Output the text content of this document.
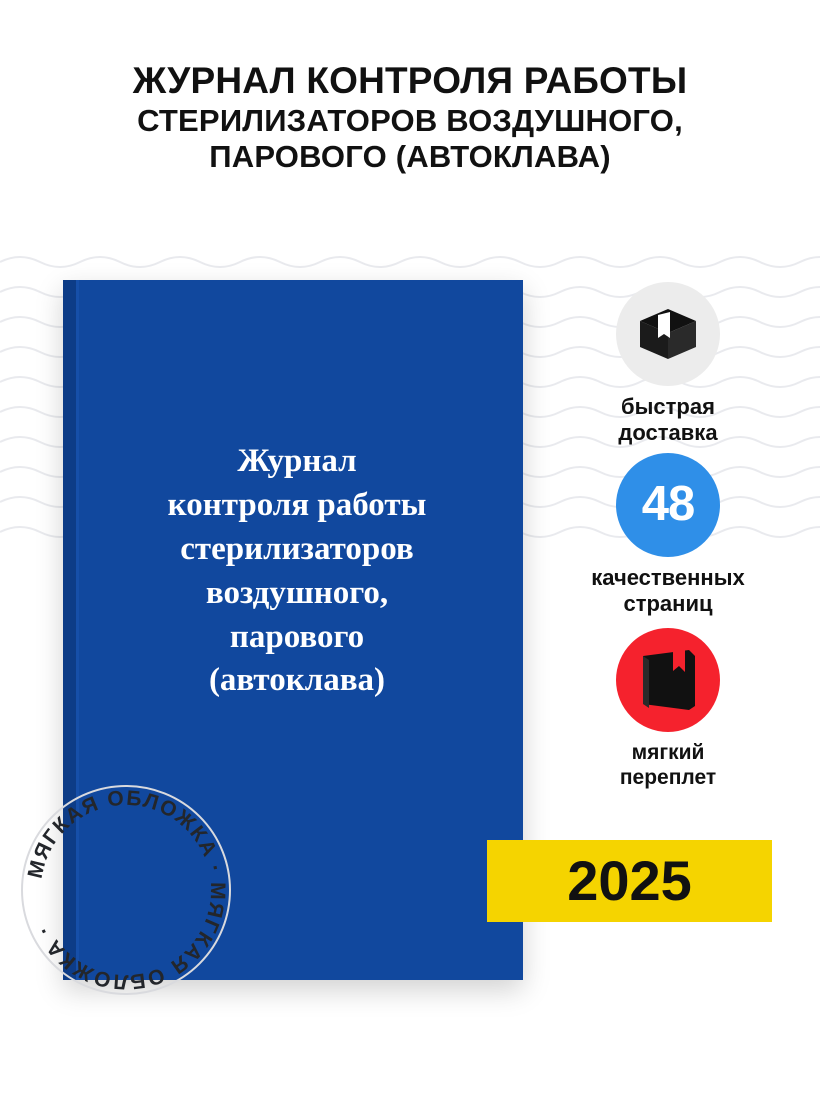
ЖУРНАЛ КОНТРОЛЯ РАБОТЫ
СТЕРИЛИЗАТОРОВ ВОЗДУШНОГО,
ПАРОВОГО (АВТОКЛАВА)
Журнал
контроля работы
стерилизаторов
воздушного,
парового
(автоклава)
МЯГКАЯ ОБЛОЖКА · МЯГКАЯ ОБЛОЖКА ·
быстрая
доставка
48
качественных
страниц
мягкий
переплет
2025
